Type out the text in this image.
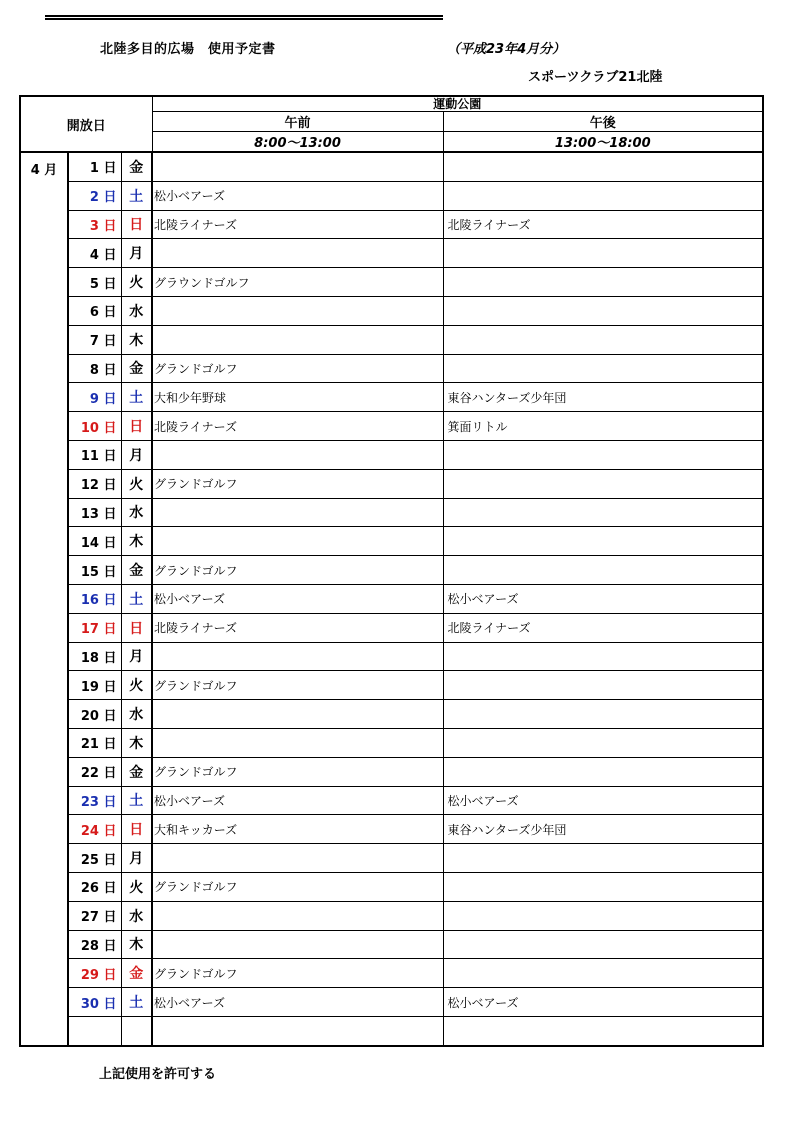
北陸多目的広場　使用予定書	（平成23年4月分）
スポーツクラブ21北陸
開放日			運動公園	
			午前	午後
			8:00～13:00	13:00～18:00
4 月	1 日	金		
	2 日	土	松小ベアーズ	
	3 日	日	北陵ライナーズ	北陵ライナーズ
	4 日	月		
	5 日	火	グラウンドゴルフ	
	6 日	水		
	7 日	木		
	8 日	金	グランドゴルフ	
	9 日	土	大和少年野球	東谷ハンターズ少年団
	10 日	日	北陵ライナーズ	箕面リトル
	11 日	月		
	12 日	火	グランドゴルフ	
	13 日	水		
	14 日	木		
	15 日	金	グランドゴルフ	
	16 日	土	松小ベアーズ	松小ベアーズ
	17 日	日	北陵ライナーズ	北陵ライナーズ
	18 日	月		
	19 日	火	グランドゴルフ	
	20 日	水		
	21 日	木		
	22 日	金	グランドゴルフ	
	23 日	土	松小ベアーズ	松小ベアーズ
	24 日	日	大和キッカーズ	東谷ハンターズ少年団
	25 日	月		
	26 日	火	グランドゴルフ	
	27 日	水		
	28 日	木		
	29 日	金	グランドゴルフ	
	30 日	土	松小ベアーズ	松小ベアーズ

上記使用を許可する
